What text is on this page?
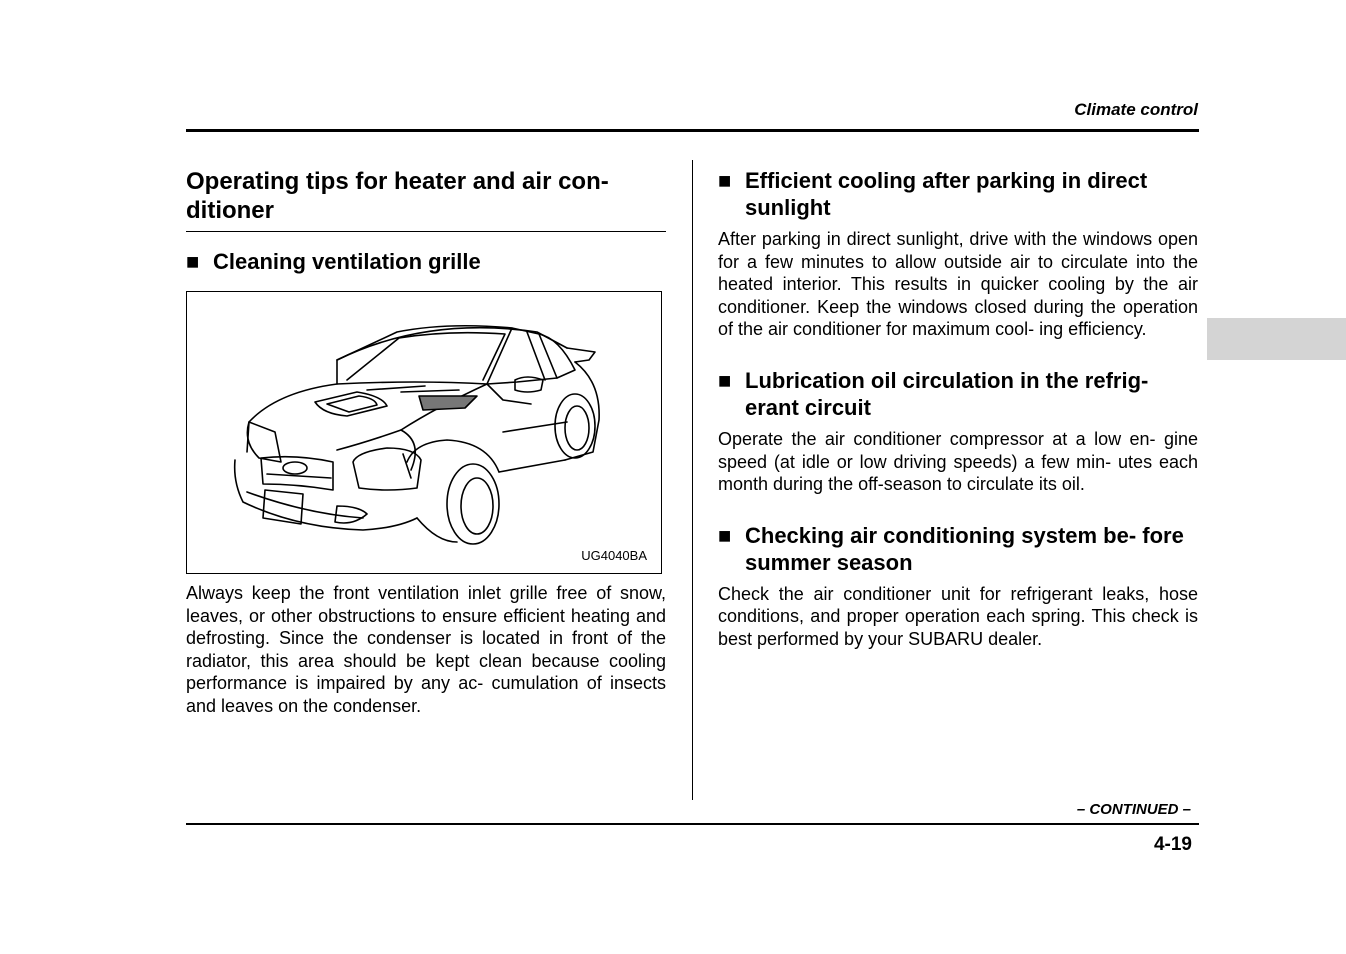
Climate control
Operating tips for heater and air con- ditioner
■ Cleaning ventilation grille
UG4040BA

Always keep the front ventilation inlet grille free of snow, leaves, or other obstructions to ensure efficient heating and defrosting. Since the condenser is located in front of the radiator, this area should be kept clean because cooling performance is impaired by any ac- cumulation of insects and leaves on the condenser.

■ Efficient cooling after parking in direct sunlight

After parking in direct sunlight, drive with the windows open for a few minutes to allow outside air to circulate into the heated interior. This results in quicker cooling by the air conditioner. Keep the windows closed during the operation of the air conditioner for maximum cool- ing efficiency.

■ Lubrication oil circulation in the refrig- erant circuit

Operate the air conditioner compressor at a low en- gine speed (at idle or low driving speeds) a few min- utes each month during the off-season to circulate its oil.

■ Checking air conditioning system be- fore summer season

Check the air conditioner unit for refrigerant leaks, hose conditions, and proper operation each spring. This check is best performed by your SUBARU dealer.

– CONTINUED –
4-19
